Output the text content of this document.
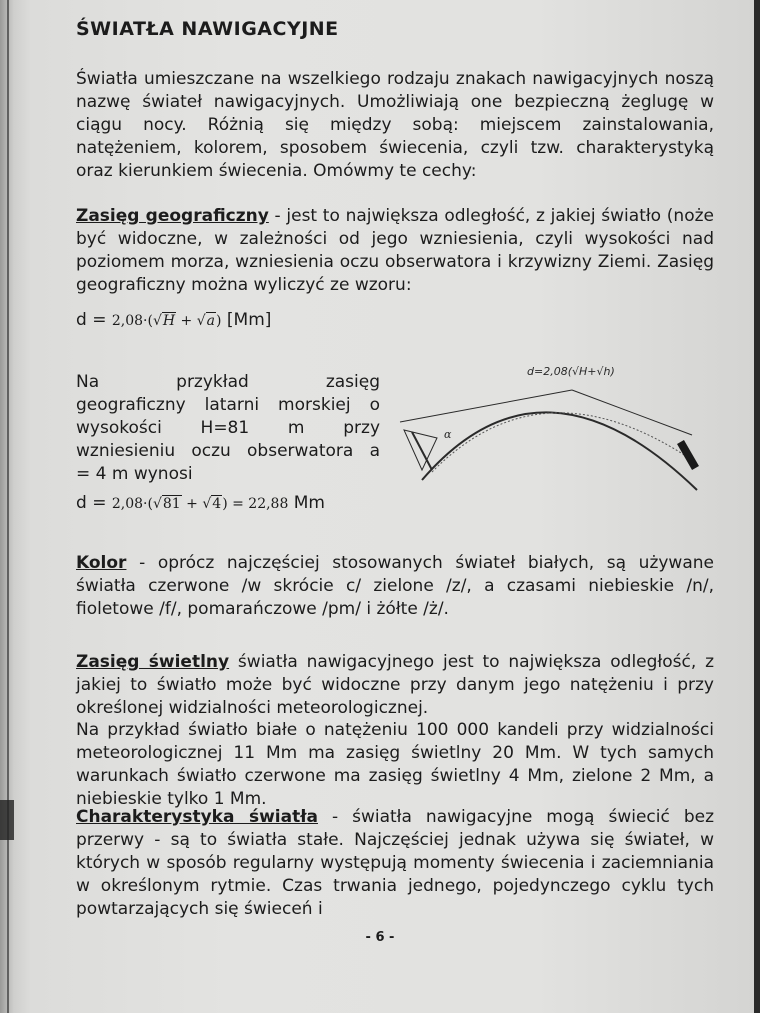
ŚWIATŁA NAWIGACYJNE
Światła umieszczane na wszelkiego rodzaju znakach nawigacyjnych noszą nazwę świateł nawigacyjnych. Umożliwiają one bezpieczną żeglugę w ciągu nocy. Różnią się między sobą: miejscem zainstalowania, natężeniem, kolorem, sposobem świecenia, czyli tzw. charakterystyką oraz kierunkiem świecenia. Omówmy te cechy:
Zasięg geograficzny - jest to największa odległość, z jakiej światło (noże być widoczne, w zależności od jego wzniesienia, czyli wysokości nad poziomem morza, wzniesienia oczu obserwatora i krzywizny Ziemi. Zasięg geograficzny można wyliczyć ze wzoru:
d = 2,08·(√H + √a) [Mm]
Na przykład zasięg
geograficzny latarni morskiej o
wysokości H=81 m przy
wzniesieniu oczu obserwatora a
= 4 m wynosi
d=2,08(√H+√h)
α
d = 2,08·(√81 + √4) = 22,88 Mm
Kolor - oprócz najczęściej stosowanych świateł białych, są używane światła czerwone /w skrócie c/ zielone /z/, a czasami niebieskie /n/, fioletowe /f/, pomarańczowe /pm/ i żółte /ż/.
Zasięg świetlny światła nawigacyjnego jest to największa odległość, z jakiej to światło może być widoczne przy danym jego natężeniu i przy określonej widzialności meteorologicznej.
Na przykład światło białe o natężeniu 100 000 kandeli przy widzialności meteorologicznej 11 Mm ma zasięg świetlny 20 Mm. W tych samych warunkach światło czerwone ma zasięg świetlny 4 Mm, zielone 2 Mm, a niebieskie tylko 1 Mm.
Charakterystyka światła - światła nawigacyjne mogą świecić bez przerwy - są to światła stałe. Najczęściej jednak używa się świateł, w których w sposób regularny występują momenty świecenia i zaciemniania w określonym rytmie. Czas trwania jednego, pojedynczego cyklu tych powtarzających się świeceń i
- 6 -
